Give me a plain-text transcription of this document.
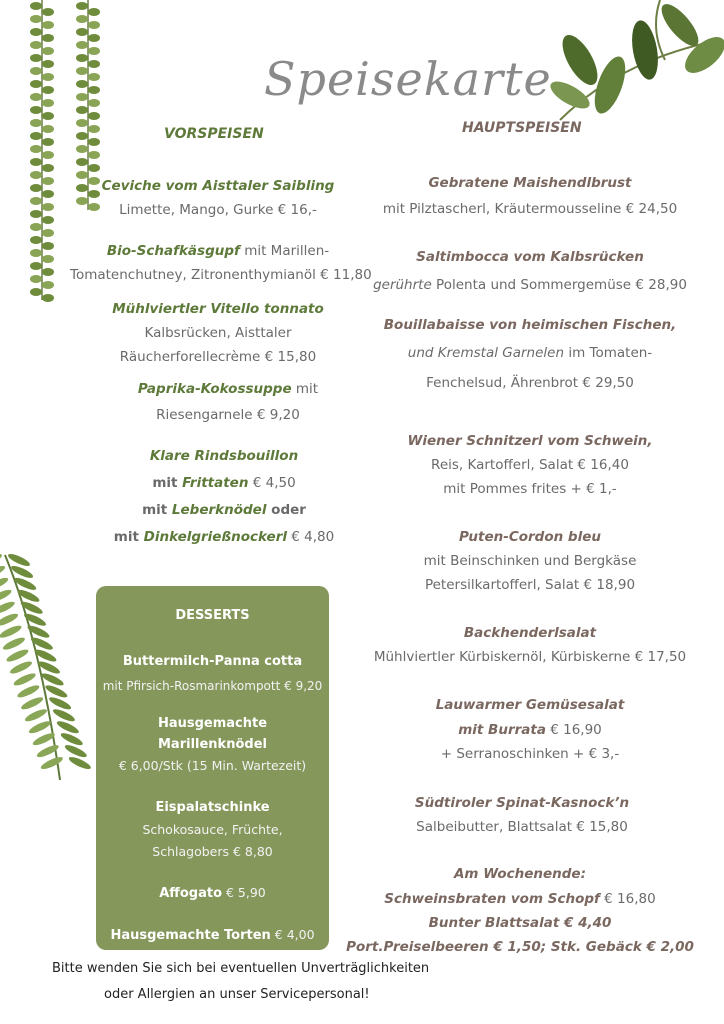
Speisekarte
VORSPEISEN	HAUPTSPEISEN
Ceviche vom Aisttaler Saibling
Limette, Mango, Gurke € 16,-
Bio-Schafkäsgupf mit Marillen-
Tomatenchutney, Zitronenthymianöl € 11,80
Mühlviertler Vitello tonnato
Kalbsrücken, Aisttaler
Räucherforellecrème € 15,80
Paprika-Kokossuppe mit
Riesengarnele € 9,20
Klare Rindsbouillon
mit Frittaten € 4,50
mit Leberknödel oder
mit Dinkelgrießnockerl € 4,80
DESSERTS
Buttermilch-Panna cotta
mit Pfirsich-Rosmarinkompott € 9,20
Hausgemachte
Marillenknödel
€ 6,00/Stk (15 Min. Wartezeit)
Eispalatschinke
Schokosauce, Früchte,
Schlagobers € 8,80
Affogato € 5,90
Hausgemachte Torten € 4,00
Gebratene Maishendlbrust
mit Pilztascherl, Kräutermousseline € 24,50
Saltimbocca vom Kalbsrücken
gerührte Polenta und Sommergemüse € 28,90
Bouillabaisse von heimischen Fischen,
und Kremstal Garnelen im Tomaten-
Fenchelsud, Ährenbrot € 29,50
Wiener Schnitzerl vom Schwein,
Reis, Kartofferl, Salat € 16,40
mit Pommes frites + € 1,-
Puten-Cordon bleu
mit Beinschinken und Bergkäse
Petersilkartofferl, Salat € 18,90
Backhenderlsalat
Mühlviertler Kürbiskernöl, Kürbiskerne € 17,50
Lauwarmer Gemüsesalat
mit Burrata € 16,90
+ Serranoschinken + € 3,-
Südtiroler Spinat-Kasnock’n
Salbeibutter, Blattsalat € 15,80
Am Wochenende:
Schweinsbraten vom Schopf € 16,80
Bunter Blattsalat € 4,40
Port.Preiselbeeren € 1,50; Stk. Gebäck € 2,00
Bitte wenden Sie sich bei eventuellen Unverträglichkeiten
oder Allergien an unser Servicepersonal!
